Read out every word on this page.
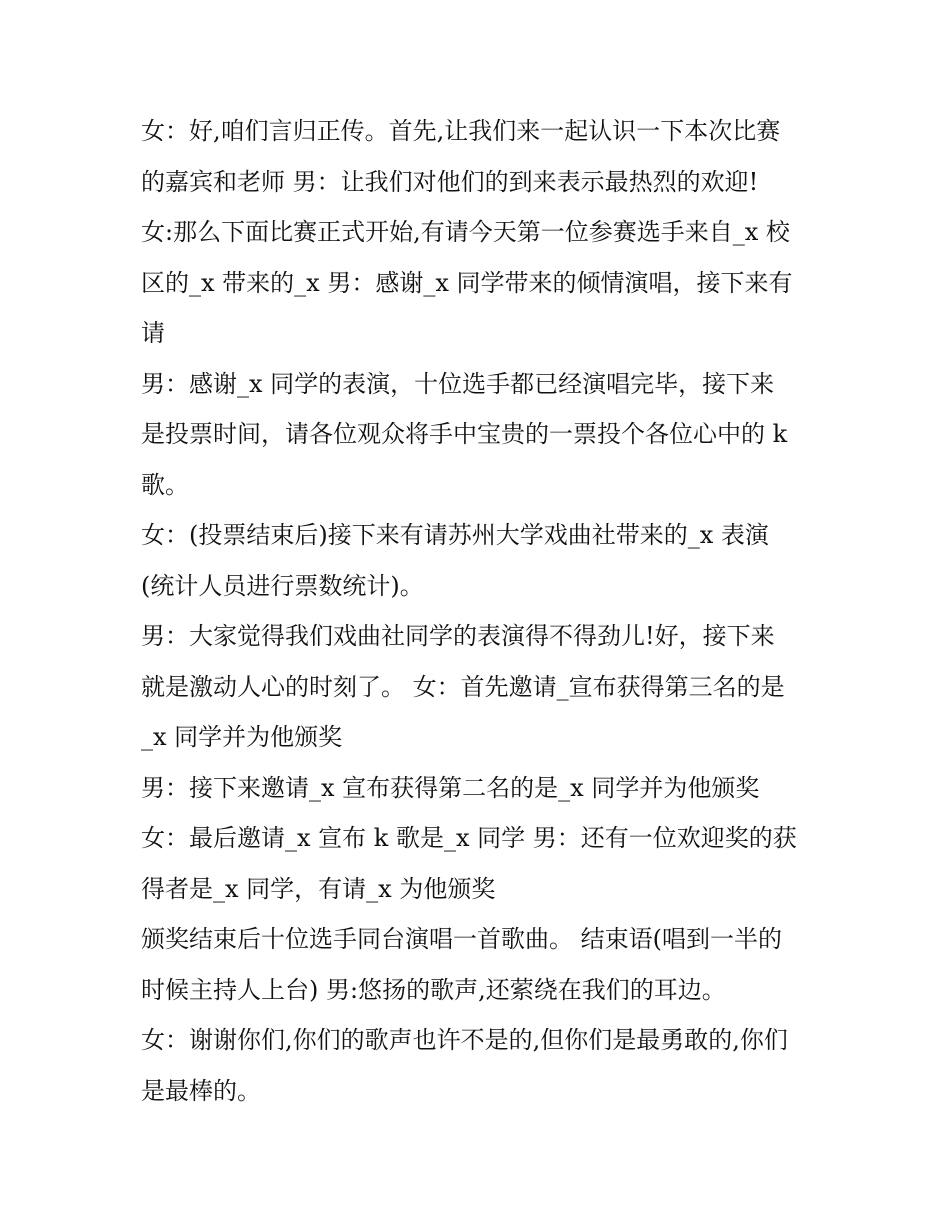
女：好,咱们言归正传。首先,让我们来一起认识一下本次比赛
的嘉宾和老师 男：让我们对他们的到来表示最热烈的欢迎!
女:那么下面比赛正式开始,有请今天第一位参赛选手来自_x 校
区的_x 带来的_x 男：感谢_x 同学带来的倾情演唱，接下来有
请
男：感谢_x 同学的表演，十位选手都已经演唱完毕，接下来
是投票时间，请各位观众将手中宝贵的一票投个各位心中的 k
歌。
女：(投票结束后)接下来有请苏州大学戏曲社带来的_x 表演
(统计人员进行票数统计)。
男：大家觉得我们戏曲社同学的表演得不得劲儿!好，接下来
就是激动人心的时刻了。 女：首先邀请_宣布获得第三名的是
_x 同学并为他颁奖
男：接下来邀请_x 宣布获得第二名的是_x 同学并为他颁奖
女：最后邀请_x 宣布 k 歌是_x 同学 男：还有一位欢迎奖的获
得者是_x 同学，有请_x 为他颁奖
颁奖结束后十位选手同台演唱一首歌曲。 结束语(唱到一半的
时候主持人上台) 男:悠扬的歌声,还萦绕在我们的耳边。
女：谢谢你们,你们的歌声也许不是的,但你们是最勇敢的,你们
是最棒的。
